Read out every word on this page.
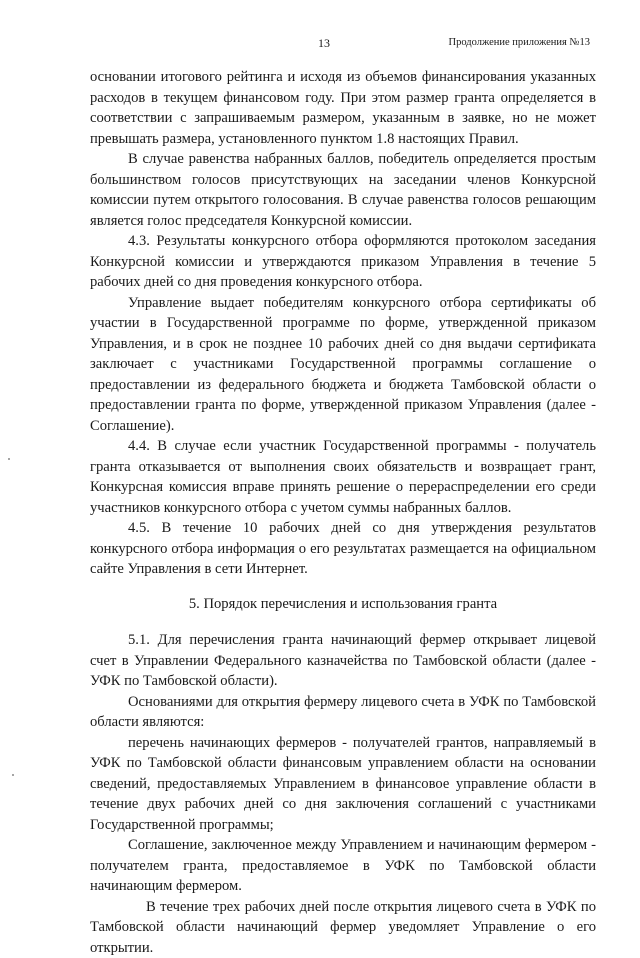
13	Продолжение приложения №13

основании итогового рейтинга и исходя из объемов финансирования указанных расходов в текущем финансовом году. При этом размер гранта определяется в соответствии с запрашиваемым размером, указанным в заявке, но не может превышать размера, установленного пунктом 1.8 настоящих Правил.

В случае равенства набранных баллов, победитель определяется простым большинством голосов присутствующих на заседании членов Конкурсной комиссии путем открытого голосования. В случае равенства голосов решающим является голос председателя Конкурсной комиссии.

4.3. Результаты конкурсного отбора оформляются протоколом заседания Конкурсной комиссии и утверждаются приказом Управления в течение 5 рабочих дней со дня проведения конкурсного отбора.

Управление выдает победителям конкурсного отбора сертификаты об участии в Государственной программе по форме, утвержденной приказом Управления, и в срок не позднее 10 рабочих дней со дня выдачи сертификата заключает с участниками Государственной программы соглашение о предоставлении из федерального бюджета и бюджета Тамбовской области о предоставлении гранта по форме, утвержденной приказом Управления (далее - Соглашение).

4.4. В случае если участник Государственной программы - получатель гранта отказывается от выполнения своих обязательств и возвращает грант, Конкурсная комиссия вправе принять решение о перераспределении его среди участников конкурсного отбора с учетом суммы набранных баллов.

4.5. В течение 10 рабочих дней со дня утверждения результатов конкурсного отбора информация о его результатах размещается на официальном сайте Управления в сети Интернет.

5. Порядок перечисления и использования гранта

5.1. Для перечисления гранта начинающий фермер открывает лицевой счет в Управлении Федерального казначейства по Тамбовской области (далее - УФК по Тамбовской области).

Основаниями для открытия фермеру лицевого счета в УФК по Тамбовской области являются:

перечень начинающих фермеров - получателей грантов, направляемый в УФК по Тамбовской области финансовым управлением области на основании сведений, предоставляемых Управлением в финансовое управление области в течение двух рабочих дней со дня заключения соглашений с участниками Государственной программы;

Соглашение, заключенное между Управлением и начинающим фермером - получателем гранта, предоставляемое в УФК по Тамбовской области начинающим фермером.

В течение трех рабочих дней после открытия лицевого счета в УФК по Тамбовской области начинающий фермер уведомляет Управление о его открытии.
